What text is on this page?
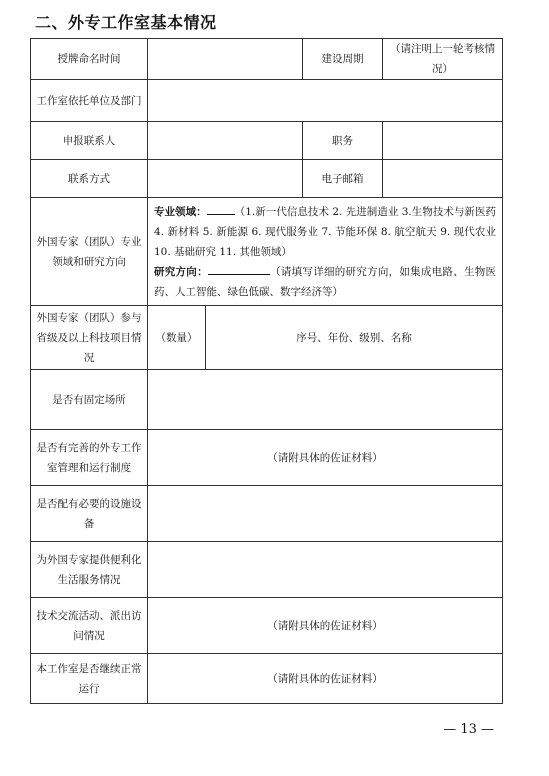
二、外专工作室基本情况
授牌命名时间			建设周期	（请注明上一轮考核情况）
工作室依托单位及部门				
申报联系人			职务	
联系方式			电子邮箱	
外国专家（团队）专业领域和研究方向	专业领域： （1.新一代信息技术 2. 先进制造业 3.生物技术与新医药 4. 新材料 5. 新能源 6. 现代服务业 7. 节能环保 8. 航空航天 9. 现代农业 10. 基础研究 11. 其他领域）
研究方向： （请填写详细的研究方向，如集成电路、生物医药、人工智能、绿色低碳、数字经济等）			
外国专家（团队）参与省级及以上科技项目情况	（数量）	序号、年份、级别、名称		
是否有固定场所				
是否有完善的外专工作室管理和运行制度	（请附具体的佐证材料）			
是否配有必要的设施设备				
为外国专家提供便利化生活服务情况				
技术交流活动、派出访问情况	（请附具体的佐证材料）			
本工作室是否继续正常运行	（请附具体的佐证材料）			
— 13 —
